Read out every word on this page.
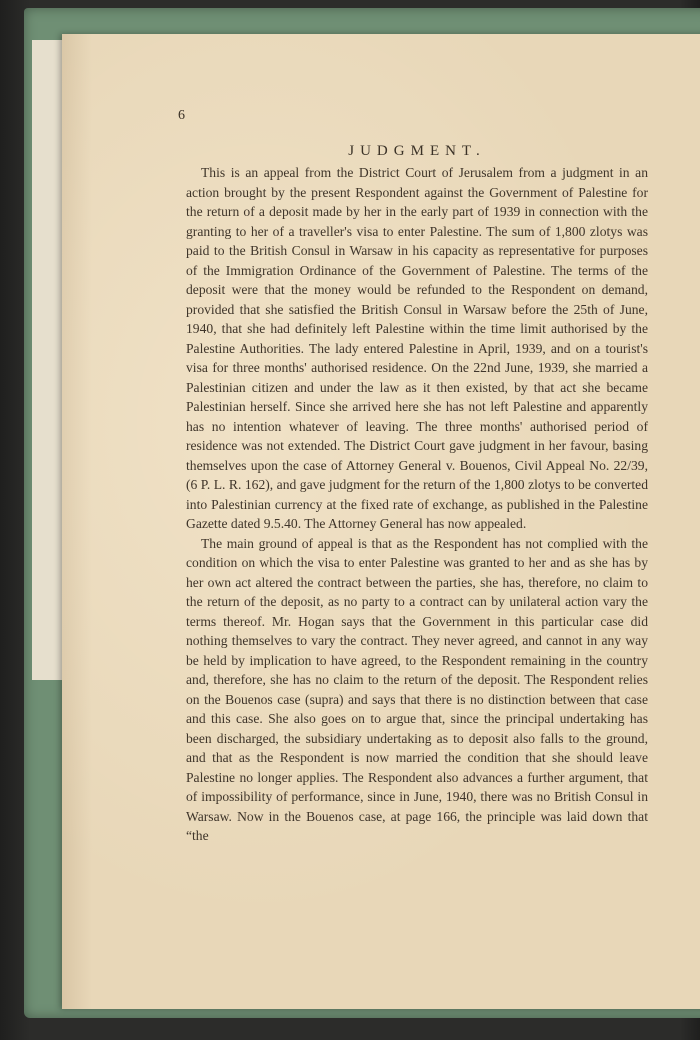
6
JUDGMENT.

This is an appeal from the District Court of Jerusalem from a judgment in an action brought by the present Respondent against the Government of Palestine for the return of a deposit made by her in the early part of 1939 in connection with the granting to her of a traveller's visa to enter Palestine. The sum of 1,800 zlotys was paid to the British Consul in Warsaw in his capacity as representative for purposes of the Immigration Ordinance of the Government of Palestine. The terms of the deposit were that the money would be refunded to the Respondent on demand, provided that she satisfied the British Consul in Warsaw before the 25th of June, 1940, that she had definitely left Palestine within the time limit authorised by the Palestine Authorities. The lady entered Palestine in April, 1939, and on a tourist's visa for three months' authorised residence. On the 22nd June, 1939, she married a Palestinian citizen and under the law as it then existed, by that act she became Palestinian herself. Since she arrived here she has not left Palestine and apparently has no intention whatever of leaving. The three months' authorised period of residence was not extended. The District Court gave judgment in her favour, basing themselves upon the case of Attorney General v. Bouenos, Civil Appeal No. 22/39, (6 P. L. R. 162), and gave judgment for the return of the 1,800 zlotys to be converted into Palestinian currency at the fixed rate of exchange, as published in the Palestine Gazette dated 9.5.40. The Attorney General has now appealed.

The main ground of appeal is that as the Respondent has not complied with the condition on which the visa to enter Palestine was granted to her and as she has by her own act altered the contract between the parties, she has, therefore, no claim to the return of the deposit, as no party to a contract can by unilateral action vary the terms thereof. Mr. Hogan says that the Government in this particular case did nothing themselves to vary the contract. They never agreed, and cannot in any way be held by implication to have agreed, to the Respondent remaining in the country and, therefore, she has no claim to the return of the deposit. The Respondent relies on the Bouenos case (supra) and says that there is no distinction between that case and this case. She also goes on to argue that, since the principal undertaking has been discharged, the subsidiary undertaking as to deposit also falls to the ground, and that as the Respondent is now married the condition that she should leave Palestine no longer applies. The Respondent also advances a further argument, that of impossibility of performance, since in June, 1940, there was no British Consul in Warsaw. Now in the Bouenos case, at page 166, the principle was laid down that “the
